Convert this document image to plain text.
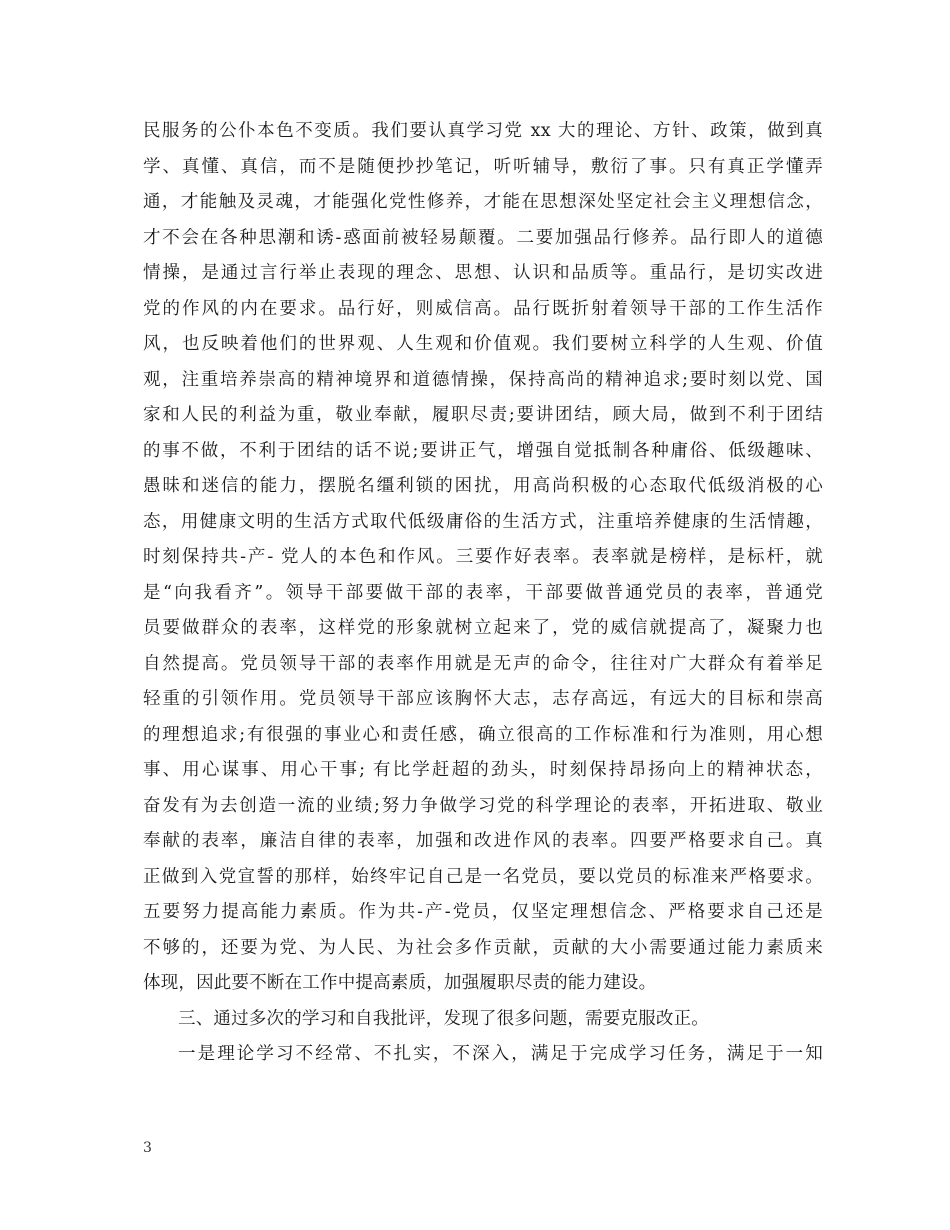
民服务的公仆本色不变质。我们要认真学习党 xx 大的理论、方针、政策，做到真
学、真懂、真信，而不是随便抄抄笔记，听听辅导，敷衍了事。只有真正学懂弄
通，才能触及灵魂，才能强化党性修养，才能在思想深处坚定社会主义理想信念，
才不会在各种思潮和诱-惑面前被轻易颠覆。二要加强品行修养。品行即人的道德
情操，是通过言行举止表现的理念、思想、认识和品质等。重品行，是切实改进
党的作风的内在要求。品行好，则威信高。品行既折射着领导干部的工作生活作
风，也反映着他们的世界观、人生观和价值观。我们要树立科学的人生观、价值
观，注重培养崇高的精神境界和道德情操，保持高尚的精神追求;要时刻以党、国
家和人民的利益为重，敬业奉献，履职尽责;要讲团结，顾大局，做到不利于团结
的事不做，不利于团结的话不说;要讲正气，增强自觉抵制各种庸俗、低级趣味、
愚昧和迷信的能力，摆脱名缰利锁的困扰，用高尚积极的心态取代低级消极的心
态，用健康文明的生活方式取代低级庸俗的生活方式，注重培养健康的生活情趣，
时刻保持共-产- 党人的本色和作风。三要作好表率。表率就是榜样，是标杆，就
是“向我看齐”。领导干部要做干部的表率，干部要做普通党员的表率，普通党
员要做群众的表率，这样党的形象就树立起来了，党的威信就提高了，凝聚力也
自然提高。党员领导干部的表率作用就是无声的命令，往往对广大群众有着举足
轻重的引领作用。党员领导干部应该胸怀大志，志存高远，有远大的目标和崇高
的理想追求;有很强的事业心和责任感，确立很高的工作标准和行为准则，用心想
事、用心谋事、用心干事; 有比学赶超的劲头，时刻保持昂扬向上的精神状态，
奋发有为去创造一流的业绩;努力争做学习党的科学理论的表率，开拓进取、敬业
奉献的表率，廉洁自律的表率，加强和改进作风的表率。四要严格要求自己。真
正做到入党宣誓的那样，始终牢记自己是一名党员，要以党员的标准来严格要求。
五要努力提高能力素质。作为共-产-党员，仅坚定理想信念、严格要求自己还是
不够的，还要为党、为人民、为社会多作贡献，贡献的大小需要通过能力素质来
体现，因此要不断在工作中提高素质，加强履职尽责的能力建设。
三、通过多次的学习和自我批评，发现了很多问题，需要克服改正。
一是理论学习不经常、不扎实，不深入，满足于完成学习任务，满足于一知
3
